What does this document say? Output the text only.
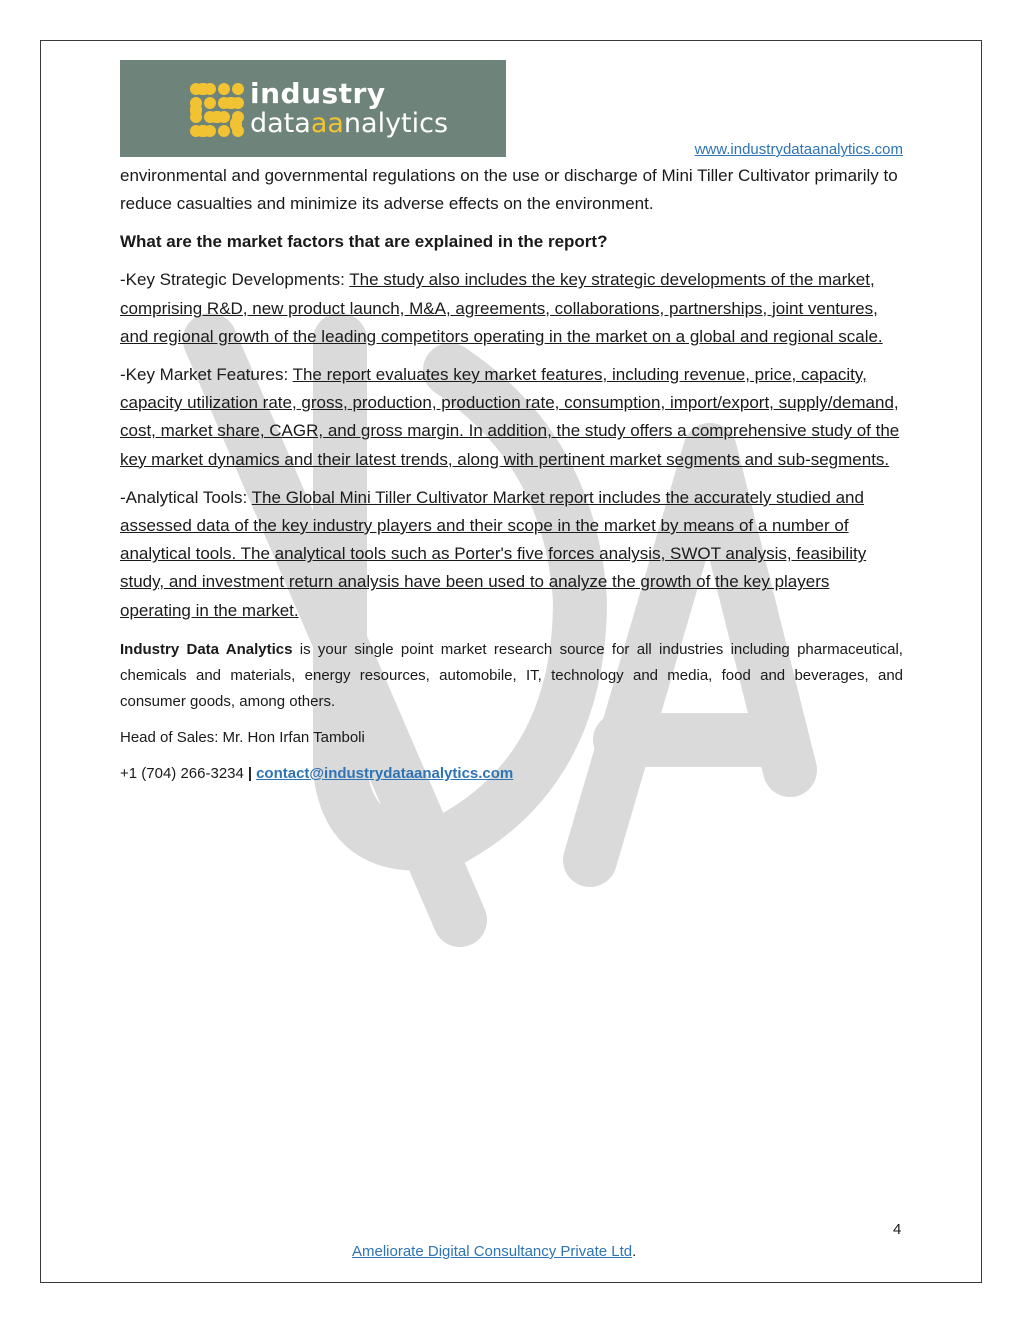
industry
dataaanalytics
www.industrydataanalytics.com

environmental and governmental regulations on the use or discharge of Mini Tiller Cultivator primarily to reduce casualties and minimize its adverse effects on the environment.

What are the market factors that are explained in the report?

-Key Strategic Developments: The study also includes the key strategic developments of the market, comprising R&D, new product launch, M&A, agreements, collaborations, partnerships, joint ventures, and regional growth of the leading competitors operating in the market on a global and regional scale.

-Key Market Features: The report evaluates key market features, including revenue, price, capacity, capacity utilization rate, gross, production, production rate, consumption, import/export, supply/demand, cost, market share, CAGR, and gross margin. In addition, the study offers a comprehensive study of the key market dynamics and their latest trends, along with pertinent market segments and sub-segments.

-Analytical Tools: The Global Mini Tiller Cultivator Market report includes the accurately studied and assessed data of the key industry players and their scope in the market by means of a number of analytical tools. The analytical tools such as Porter's five forces analysis, SWOT analysis, feasibility study, and investment return analysis have been used to analyze the growth of the key players operating in the market.

Industry Data Analytics is your single point market research source for all industries including pharmaceutical, chemicals and materials, energy resources, automobile, IT, technology and media, food and beverages, and consumer goods, among others.

Head of Sales: Mr. Hon Irfan Tamboli

+1 (704) 266-3234 | contact@industrydataanalytics.com

4
Ameliorate Digital Consultancy Private Ltd.
